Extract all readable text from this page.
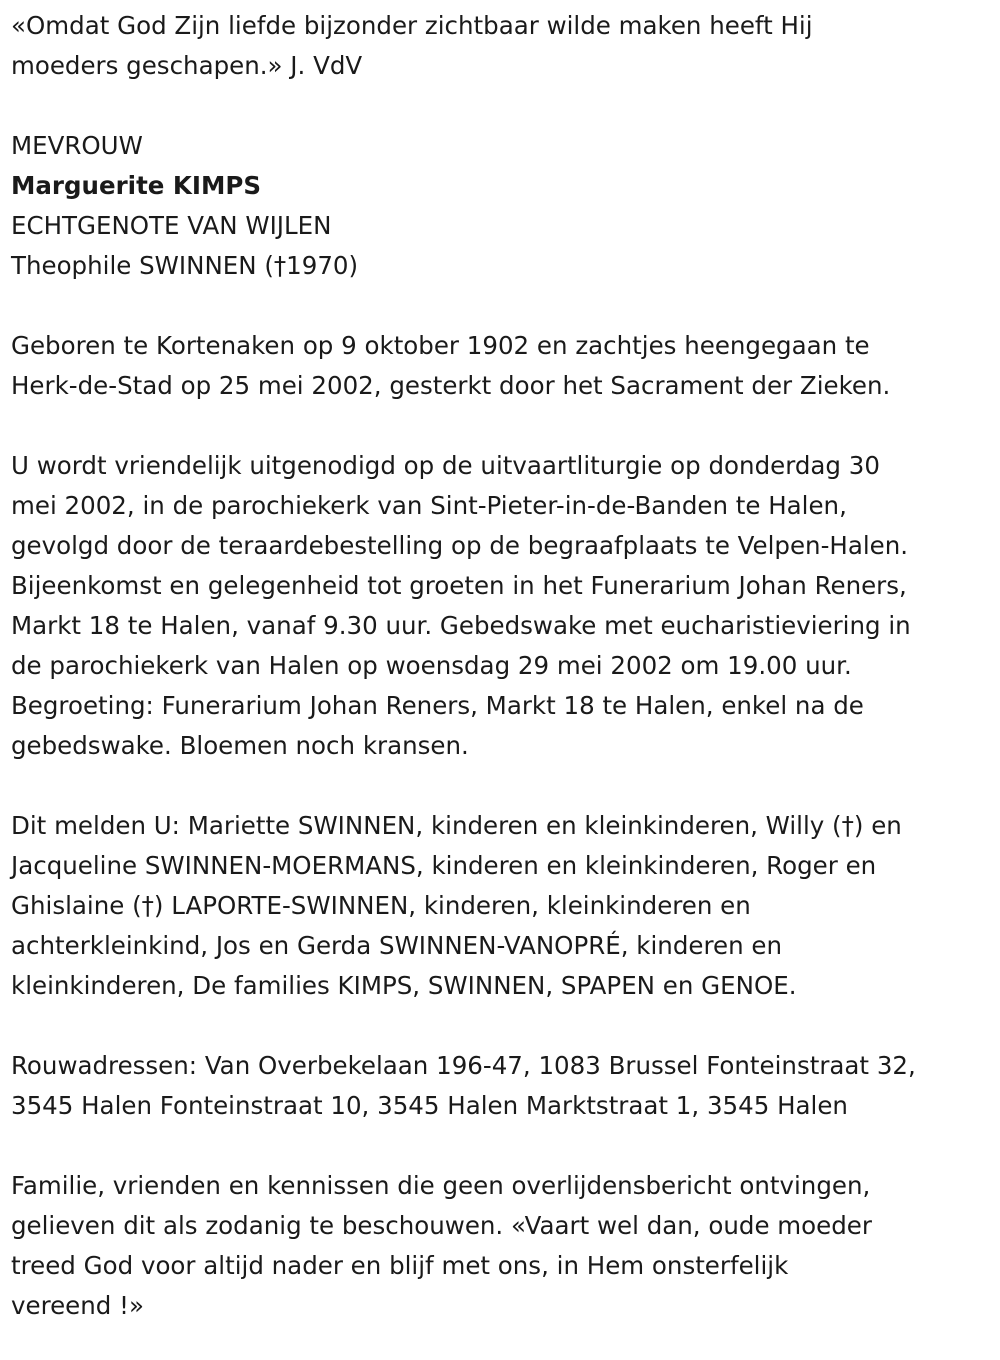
«Omdat God Zijn liefde bijzonder zichtbaar wilde maken heeft Hij
moeders geschapen.» J. VdV
MEVROUW
Marguerite KIMPS
ECHTGENOTE VAN WIJLEN
Theophile SWINNEN (†1970)
Geboren te Kortenaken op 9 oktober 1902 en zachtjes heengegaan te
Herk-de-Stad op 25 mei 2002, gesterkt door het Sacrament der Zieken.
U wordt vriendelijk uitgenodigd op de uitvaartliturgie op donderdag 30
mei 2002, in de parochiekerk van Sint-Pieter-in-de-Banden te Halen,
gevolgd door de teraardebestelling op de begraafplaats te Velpen-Halen.
Bijeenkomst en gelegenheid tot groeten in het Funerarium Johan Reners,
Markt 18 te Halen, vanaf 9.30 uur. Gebedswake met eucharistieviering in
de parochiekerk van Halen op woensdag 29 mei 2002 om 19.00 uur.
Begroeting: Funerarium Johan Reners, Markt 18 te Halen, enkel na de
gebedswake. Bloemen noch kransen.
Dit melden U: Mariette SWINNEN, kinderen en kleinkinderen, Willy (†) en
Jacqueline SWINNEN-MOERMANS, kinderen en kleinkinderen, Roger en
Ghislaine (†) LAPORTE-SWINNEN, kinderen, kleinkinderen en
achterkleinkind, Jos en Gerda SWINNEN-VANOPRÉ, kinderen en
kleinkinderen, De families KIMPS, SWINNEN, SPAPEN en GENOE.
Rouwadressen: Van Overbekelaan 196-47, 1083 Brussel Fonteinstraat 32,
3545 Halen Fonteinstraat 10, 3545 Halen Marktstraat 1, 3545 Halen
Familie, vrienden en kennissen die geen overlijdensbericht ontvingen,
gelieven dit als zodanig te beschouwen. «Vaart wel dan, oude moeder
treed God voor altijd nader en blijf met ons, in Hem onsterfelijk
vereend !»
